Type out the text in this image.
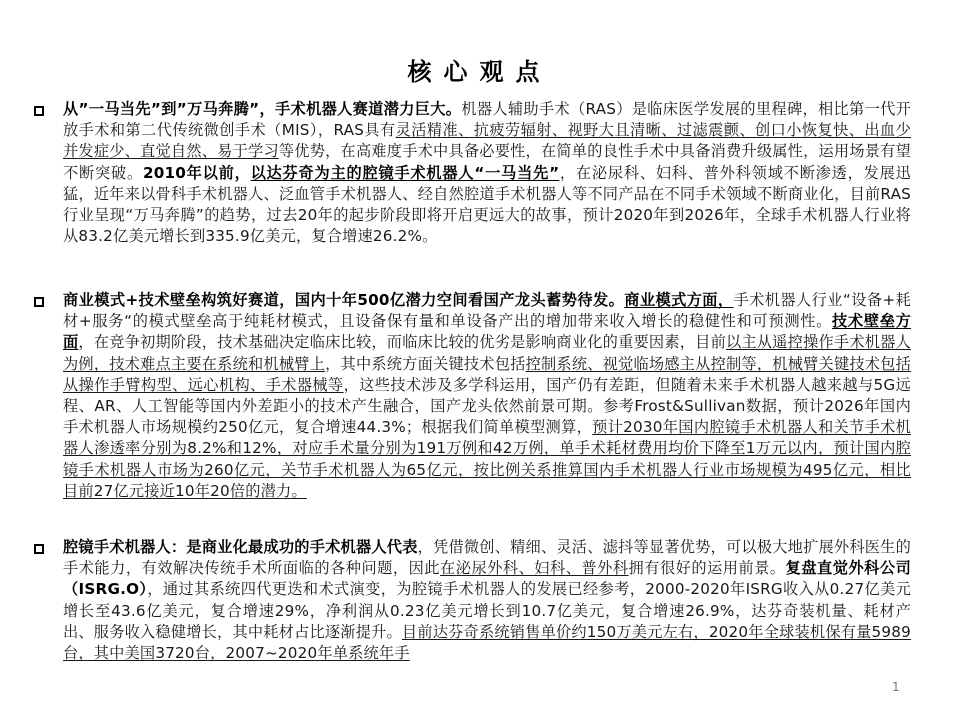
核心观点
从”一马当先”到”万马奔腾”，手术机器人赛道潜力巨大。机器人辅助手术（RAS）是临床医学发展的里程碑，相比第一代开放手术和第二代传统微创手术（MIS），RAS具有灵活精准、抗疲劳辐射、视野大且清晰、过滤震颤、创口小恢复快、出血少并发症少、直觉自然、易于学习等优势，在高难度手术中具备必要性，在简单的良性手术中具备消费升级属性，运用场景有望不断突破。2010年以前，以达芬奇为主的腔镜手术机器人“一马当先”，在泌尿科、妇科、普外科领域不断渗透，发展迅猛，近年来以骨科手术机器人、泛血管手术机器人、经自然腔道手术机器人等不同产品在不同手术领域不断商业化，目前RAS行业呈现“万马奔腾”的趋势，过去20年的起步阶段即将开启更远大的故事，预计2020年到2026年，全球手术机器人行业将从83.2亿美元增长到335.9亿美元，复合增速26.2%。
商业模式+技术壁垒构筑好赛道，国内十年500亿潜力空间看国产龙头蓄势待发。商业模式方面，手术机器人行业“设备+耗材+服务“的模式壁垒高于纯耗材模式，且设备保有量和单设备产出的增加带来收入增长的稳健性和可预测性。技术壁垒方面，在竞争初期阶段，技术基础决定临床比较，而临床比较的优劣是影响商业化的重要因素，目前以主从遥控操作手术机器人为例，技术难点主要在系统和机械臂上，其中系统方面关键技术包括控制系统、视觉临场感主从控制等，机械臂关键技术包括从操作手臂构型、远心机构、手术器械等，这些技术涉及多学科运用，国产仍有差距，但随着未来手术机器人越来越与5G远程、AR、人工智能等国内外差距小的技术产生融合，国产龙头依然前景可期。参考Frost&Sullivan数据，预计2026年国内手术机器人市场规模约250亿元，复合增速44.3%；根据我们简单模型测算，预计2030年国内腔镜手术机器人和关节手术机器人渗透率分别为8.2%和12%，对应手术量分别为191万例和42万例，单手术耗材费用均价下降至1万元以内，预计国内腔镜手术机器人市场为260亿元，关节手术机器人为65亿元，按比例关系推算国内手术机器人行业市场规模为495亿元，相比目前27亿元接近10年20倍的潜力。
腔镜手术机器人：是商业化最成功的手术机器人代表，凭借微创、精细、灵活、滤抖等显著优势，可以极大地扩展外科医生的手术能力，有效解决传统手术所面临的各种问题，因此在泌尿外科、妇科、普外科拥有很好的运用前景。复盘直觉外科公司（ISRG.O），通过其系统四代更迭和术式演变，为腔镜手术机器人的发展已经参考，2000-2020年ISRG收入从0.27亿美元增长至43.6亿美元，复合增速29%，净利润从0.23亿美元增长到10.7亿美元，复合增速26.9%，达芬奇装机量、耗材产出、服务收入稳健增长，其中耗材占比逐渐提升。目前达芬奇系统销售单价约150万美元左右，2020年全球装机保有量5989台，其中美国3720台，2007~2020年单系统年手
1
